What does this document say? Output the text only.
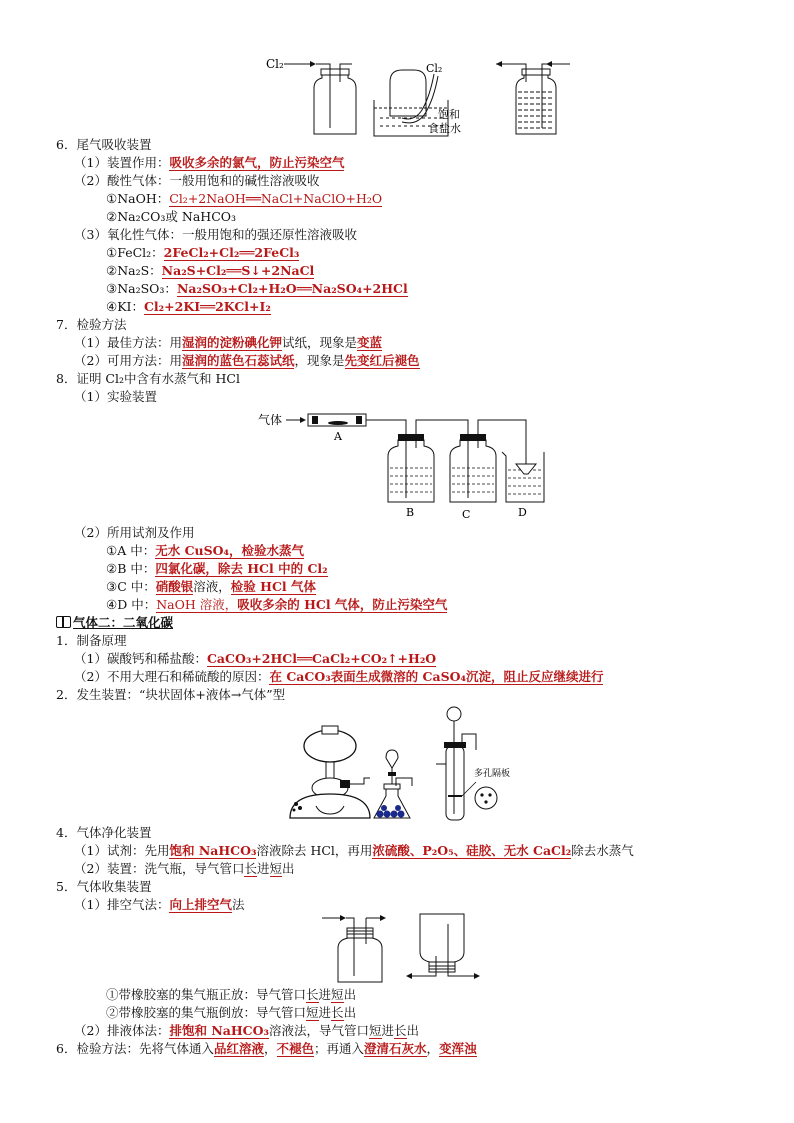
Cl₂	Cl₂
饱和
食盐水
6．尾气吸收装置
（1）装置作用：吸收多余的氯气，防止污染空气
（2）酸性气体：一般用饱和的碱性溶液吸收
①NaOH：Cl₂+2NaOH══NaCl+NaClO+H₂O
②Na₂CO₃或 NaHCO₃
（3）氧化性气体：一般用饱和的强还原性溶液吸收
①FeCl₂：2FeCl₂+Cl₂══2FeCl₃
②Na₂S：Na₂S+Cl₂══S↓+2NaCl
③Na₂SO₃：Na₂SO₃+Cl₂+H₂O══Na₂SO₄+2HCl
④KI：Cl₂+2KI══2KCl+I₂
7．检验方法
（1）最佳方法：用湿润的淀粉碘化钾试纸，现象是变蓝
（2）可用方法：用湿润的蓝色石蕊试纸，现象是先变红后褪色
8．证明 Cl₂中含有水蒸气和 HCl
（1）实验装置
气体
A
B	C	D
（2）所用试剂及作用
①A 中：无水 CuSO₄，检验水蒸气
②B 中：四氯化碳，除去 HCl 中的 Cl₂
③C 中：硝酸银溶液，检验 HCl 气体
④D 中：NaOH 溶液，吸收多余的 HCl 气体，防止污染空气
气体二：二氧化碳
1．制备原理
（1）碳酸钙和稀盐酸：CaCO₃+2HCl══CaCl₂+CO₂↑+H₂O
（2）不用大理石和稀硫酸的原因：在 CaCO₃表面生成微溶的 CaSO₄沉淀，阻止反应继续进行
2．发生装置：“块状固体+液体→气体”型
多孔隔板
4．气体净化装置
（1）试剂：先用饱和 NaHCO₃溶液除去 HCl，再用浓硫酸、P₂O₅、硅胶、无水 CaCl₂除去水蒸气
（2）装置：洗气瓶，导气管口长进短出
5．气体收集装置
（1）排空气法：向上排空气法
①带橡胶塞的集气瓶正放：导气管口长进短出
②带橡胶塞的集气瓶倒放：导气管口短进长出
（2）排液体法：排饱和 NaHCO₃溶液法，导气管口短进长出
6．检验方法：先将气体通入品红溶液，不褪色；再通入澄清石灰水，变浑浊
